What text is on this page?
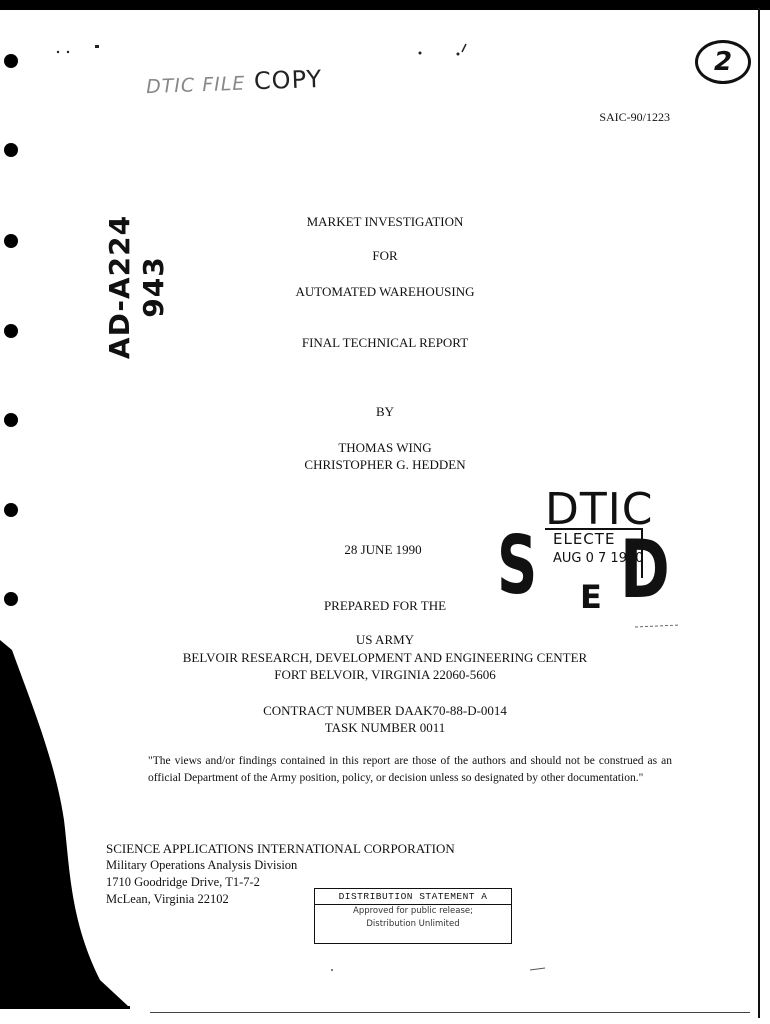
DTIC FILE COPY
2
SAIC-90/1223
AD-A224 943
MARKET INVESTIGATION
FOR
AUTOMATED WAREHOUSING
FINAL TECHNICAL REPORT
BY
THOMAS WING
CHRISTOPHER G. HEDDEN
28 JUNE 1990
PREPARED FOR THE
US ARMY
BELVOIR RESEARCH, DEVELOPMENT AND ENGINEERING CENTER
FORT BELVOIR, VIRGINIA 22060-5606
CONTRACT NUMBER DAAK70-88-D-0014
TASK NUMBER 0011
DTIC
S ELECTE
AUG 0 7 1990
D
E
"The views and/or findings contained in this report are those of the authors and should not be construed as an official Department of the Army position, policy, or decision unless so designated by other documentation."
SCIENCE APPLICATIONS INTERNATIONAL CORPORATION
Military Operations Analysis Division
1710 Goodridge Drive, T1-7-2
McLean, Virginia 22102	DISTRIBUTION STATEMENT A
Approved for public release;
Distribution Unlimited
